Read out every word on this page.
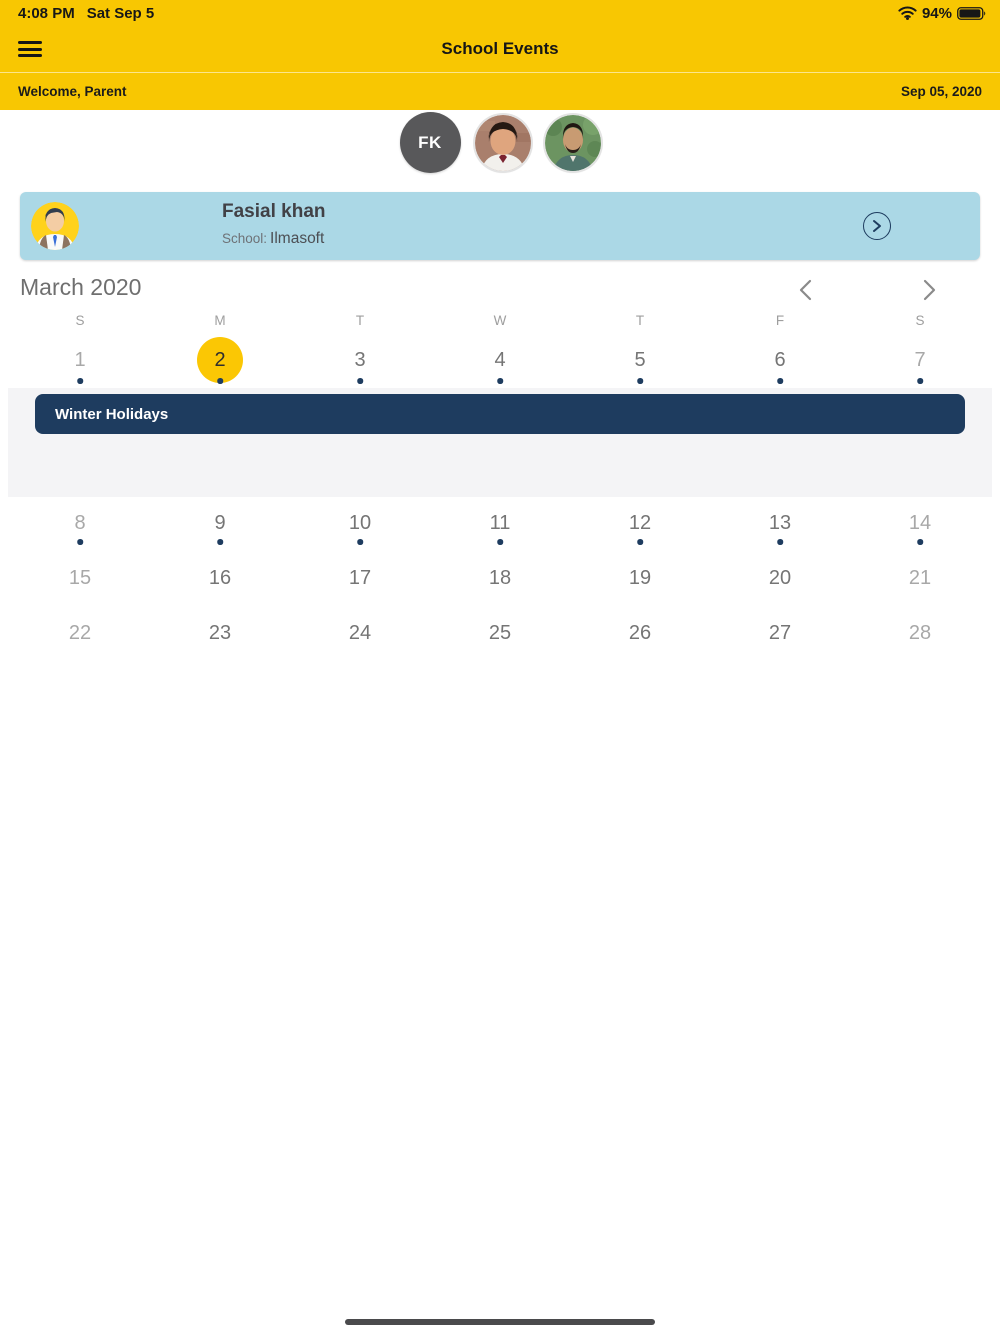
4:08 PM Sat Sep 5	94%
School Events
Welcome, Parent	Sep 05, 2020
FK
Fasial khan
School: Ilmasoft
March 2020
S	M	T	W	T	F	S
1	2	3	4	5	6	7
Winter Holidays
8	9	10	11	12	13	14
15	16	17	18	19	20	21
22	23	24	25	26	27	28
